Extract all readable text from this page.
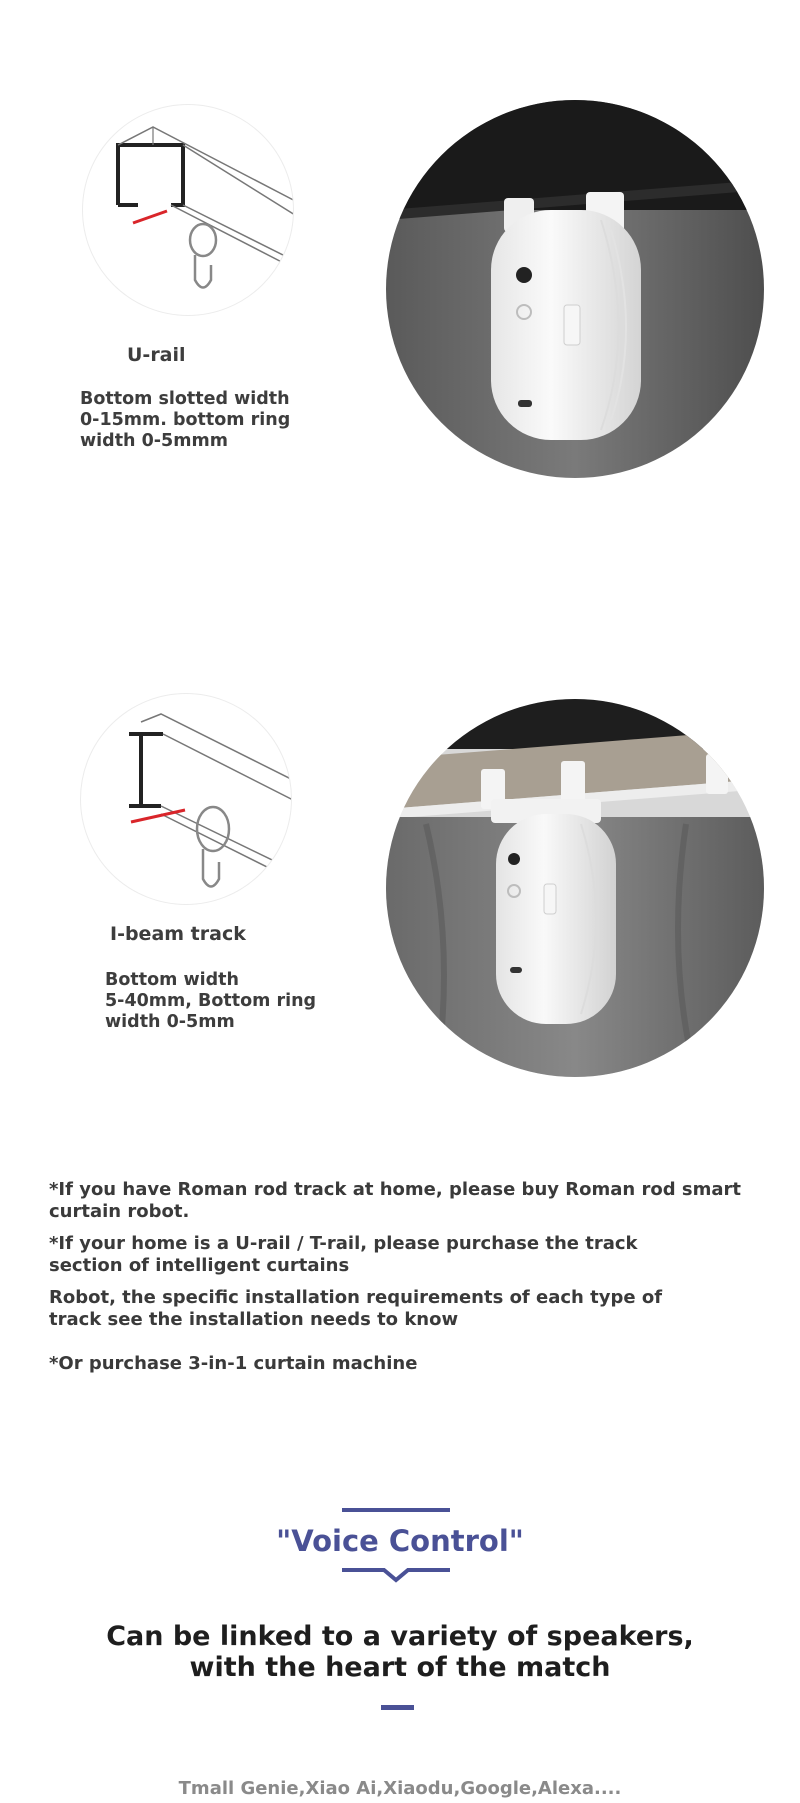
U-rail
Bottom slotted width
0-15mm. bottom ring
width 0-5mmm
I-beam track
Bottom width
5-40mm, Bottom ring
width 0-5mm
*If you have Roman rod track at home, please buy Roman rod smart curtain robot.
*If your home is a U-rail / T-rail, please purchase the track section of intelligent curtains
Robot, the specific installation requirements of each type of track see the installation needs to know
*Or purchase 3-in-1 curtain machine
"Voice Control"
Can be linked to a variety of speakers,
with the heart of the match
Tmall Genie,Xiao Ai,Xiaodu,Google,Alexa....
